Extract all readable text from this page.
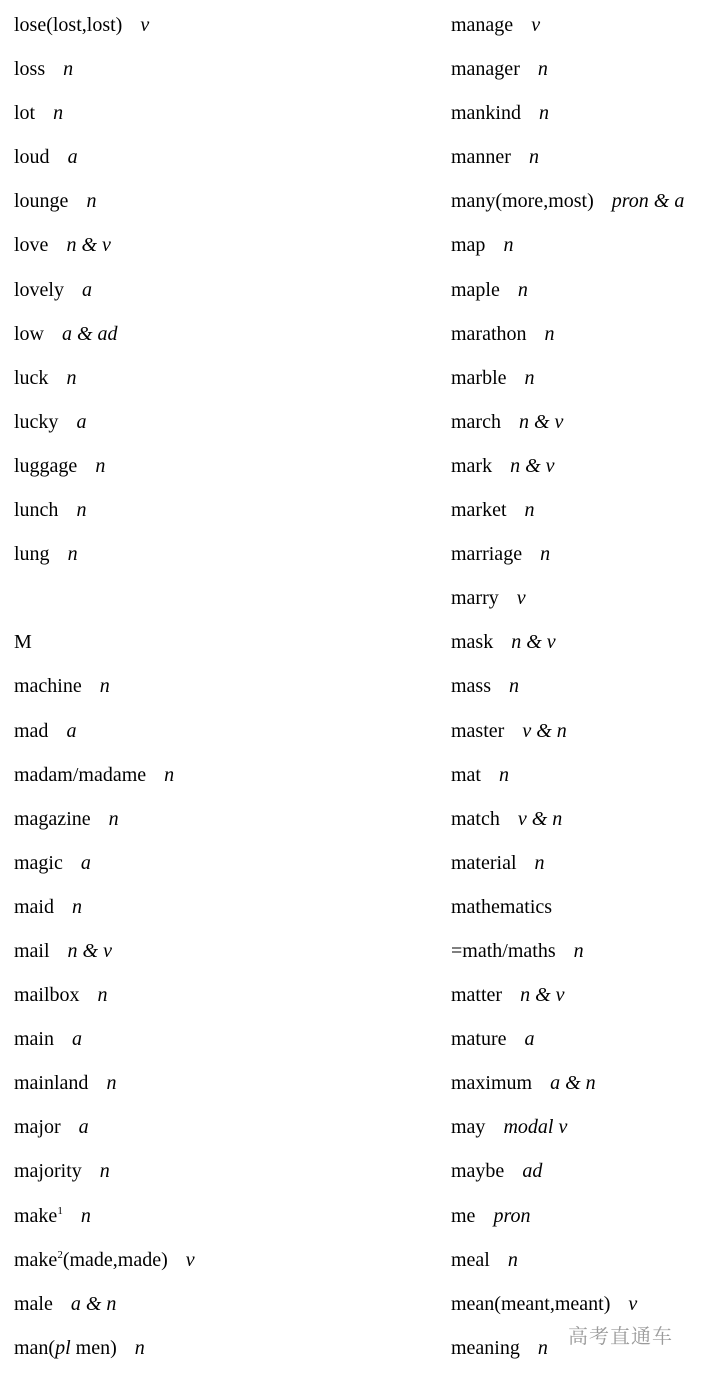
lose(lost,lost) v
loss n
lot n
loud a
lounge n
love n & v
lovely a
low a & ad
luck n
lucky a
luggage n
lunch n
lung n
M
machine n
mad a
madam/madame n
magazine n
magic a
maid n
mail n & v
mailbox n
main a
mainland n
major a
majority n
make$^1$ n
make$^2$(made,made) v
male a & n
man(pl men) n
manage v
manager n
mankind n
manner n
many(more,most) pron & a
map n
maple n
marathon n
marble n
march n & v
mark n & v
market n
marriage n
marry v
mask n & v
mass n
master v & n
mat n
match v & n
material n
mathematics
=math/maths n
matter n & v
mature a
maximum a & n
may modal v
maybe ad
me pron
meal n
mean(meant,meant) v
meaning n	高考直通车
